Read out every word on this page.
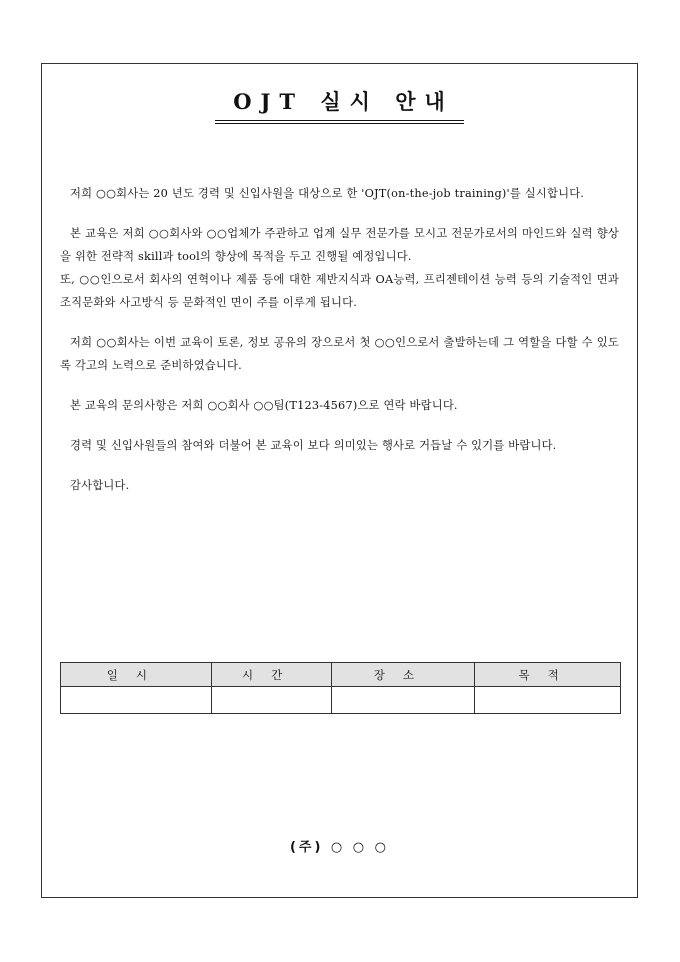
OJT 실시 안내

저희 ○○회사는 20 년도 경력 및 신입사원을 대상으로 한 'OJT(on-the-job training)'를 실시합니다.

본 교육은 저희 ○○회사와 ○○업체가 주관하고 업계 실무 전문가를 모시고 전문가로서의 마인드와 실력 향상을 위한 전략적 skill과 tool의 향상에 목적을 두고 진행될 예정입니다.

또, ○○인으로서 회사의 연혁이나 제품 등에 대한 제반지식과 OA능력, 프리젠테이션 능력 등의 기술적인 면과 조직문화와 사고방식 등 문화적인 면이 주를 이루게 됩니다.

저희 ○○회사는 이번 교육이 토론, 정보 공유의 장으로서 첫 ○○인으로서 출발하는데 그 역할을 다할 수 있도록 각고의 노력으로 준비하였습니다.

본 교육의 문의사항은 저희 ○○회사 ○○팀(T123-4567)으로 연락 바랍니다.

경력 및 신입사원들의 참여와 더불어 본 교육이 보다 의미있는 행사로 거듭날 수 있기를 바랍니다.

감사합니다.

일시	시간	장소	목적

(주) ○ ○ ○
